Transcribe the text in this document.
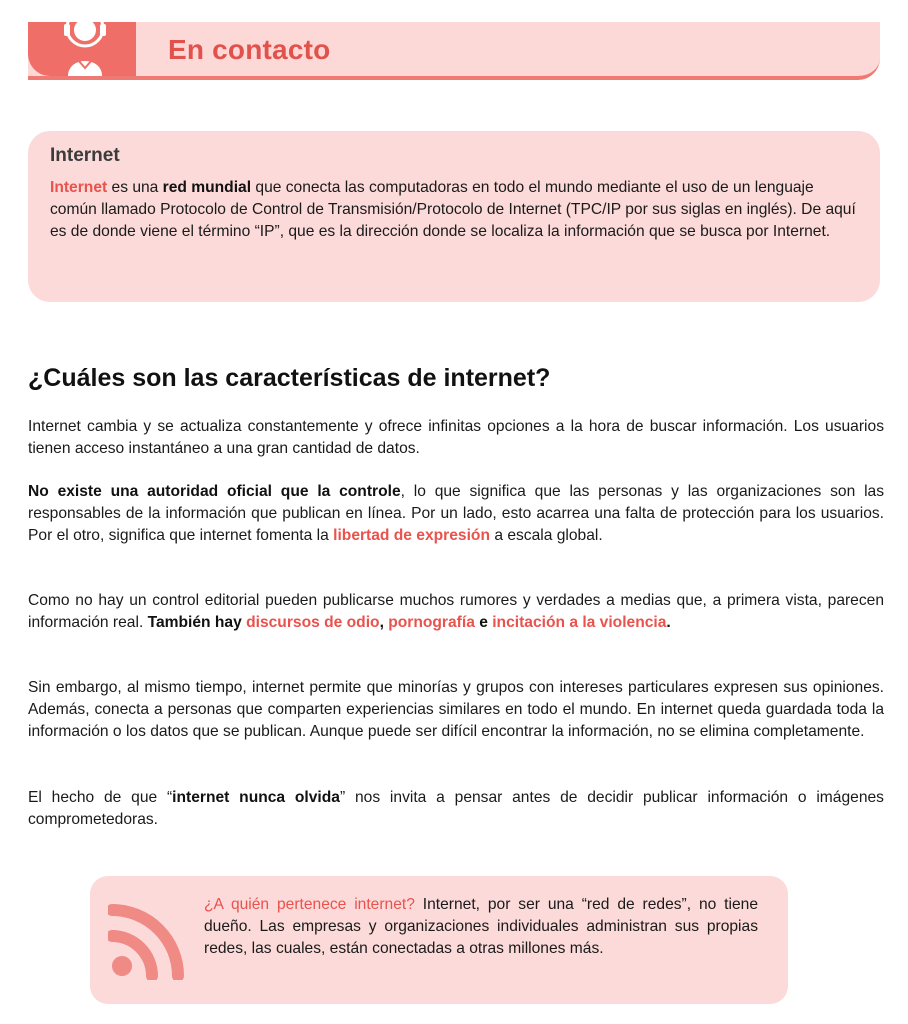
En contacto
Internet

Internet es una red mundial que conecta las computadoras en todo el mundo mediante el uso de un lenguaje común llamado Protocolo de Control de Transmisión/Protocolo de Internet (TPC/IP por sus siglas en inglés). De aquí es de donde viene el término “IP”, que es la dirección donde se localiza la información que se busca por Internet.

¿Cuáles son las características de internet?

Internet cambia y se actualiza constantemente y ofrece infinitas opciones a la hora de buscar información. Los usuarios tienen acceso instantáneo a una gran cantidad de datos.

No existe una autoridad oficial que la controle, lo que significa que las personas y las organizaciones son las responsables de la información que publican en línea. Por un lado, esto acarrea una falta de protección para los usuarios. Por el otro, significa que internet fomenta la libertad de expresión a escala global.

Como no hay un control editorial pueden publicarse muchos rumores y verdades a medias que, a primera vista, parecen información real. También hay discursos de odio, pornografía e incitación a la violencia.

Sin embargo, al mismo tiempo, internet permite que minorías y grupos con intereses particulares expresen sus opiniones. Además, conecta a personas que comparten experiencias similares en todo el mundo. En internet queda guardada toda la información o los datos que se publican. Aunque puede ser difícil encontrar la información, no se elimina completamente.

El hecho de que “internet nunca olvida” nos invita a pensar antes de decidir publicar información o imágenes comprometedoras.

¿A quién pertenece internet? Internet, por ser una “red de redes”, no tiene dueño. Las empresas y organizaciones individuales administran sus propias redes, las cuales, están conectadas a otras millones más.
